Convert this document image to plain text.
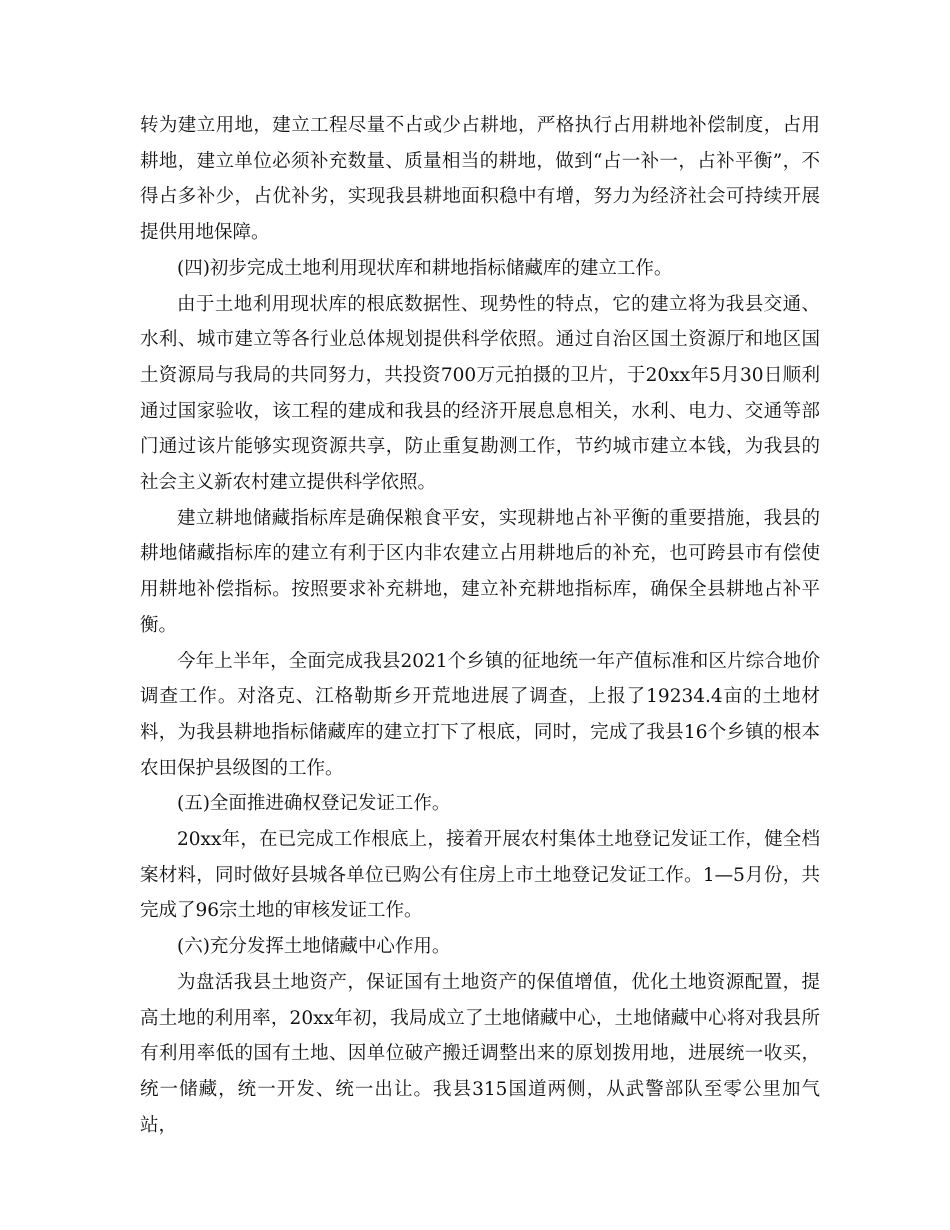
转为建立用地，建立工程尽量不占或少占耕地，严格执行占用耕地补偿制度，占用耕地，建立单位必须补充数量、质量相当的耕地，做到“占一补一，占补平衡”，不得占多补少，占优补劣，实现我县耕地面积稳中有增，努力为经济社会可持续开展提供用地保障。

(四)初步完成土地利用现状库和耕地指标储藏库的建立工作。

由于土地利用现状库的根底数据性、现势性的特点，它的建立将为我县交通、水利、城市建立等各行业总体规划提供科学依照。通过自治区国土资源厅和地区国土资源局与我局的共同努力，共投资700万元拍摄的卫片，于20xx年5月30日顺利通过国家验收，该工程的建成和我县的经济开展息息相关，水利、电力、交通等部门通过该片能够实现资源共享，防止重复勘测工作，节约城市建立本钱，为我县的社会主义新农村建立提供科学依照。

建立耕地储藏指标库是确保粮食平安，实现耕地占补平衡的重要措施，我县的耕地储藏指标库的建立有利于区内非农建立占用耕地后的补充，也可跨县市有偿使用耕地补偿指标。按照要求补充耕地，建立补充耕地指标库，确保全县耕地占补平衡。

今年上半年，全面完成我县2021个乡镇的征地统一年产值标准和区片综合地价调查工作。对洛克、江格勒斯乡开荒地进展了调查，上报了19234.4亩的土地材料，为我县耕地指标储藏库的建立打下了根底，同时，完成了我县16个乡镇的根本农田保护县级图的工作。

(五)全面推进确权登记发证工作。

20xx年，在已完成工作根底上，接着开展农村集体土地登记发证工作，健全档案材料，同时做好县城各单位已购公有住房上市土地登记发证工作。1—5月份，共完成了96宗土地的审核发证工作。

(六)充分发挥土地储藏中心作用。

为盘活我县土地资产，保证国有土地资产的保值增值，优化土地资源配置，提高土地的利用率，20xx年初，我局成立了土地储藏中心，土地储藏中心将对我县所有利用率低的国有土地、因单位破产搬迁调整出来的原划拨用地，进展统一收买，统一储藏，统一开发、统一出让。我县315国道两侧，从武警部队至零公里加气站，
